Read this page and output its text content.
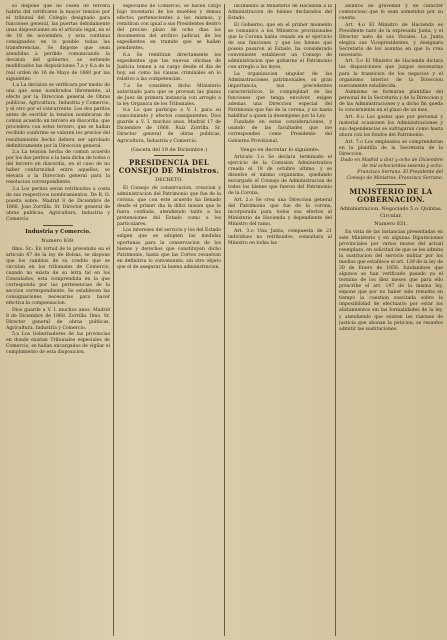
so dispone que no cesen de tercera habria del verificarse la mayor tension por el tribunal del Colegio designado para funciones general, las puertas debidamente unas disposiciones en el articulo legal, en el de 16 de noviembre, y esta continua consignados en lo posible todas las transferencias. Se dispone que sean atendidas a perdido comunicando la decision del gobierno, se entiende modificados las disposiciones 7.a y 8.a de la real orden de 16 de Mayo de 1860 por las siguientes:

1.a La decision se verificara por medio de una que sean nombrados libremente, al efecto por la Direccion general de Obras publicas, Agricultura, Industria y Comercio, y el otro por el concurrente. Los dos peritos antes de escribir la tension nombraran de comun acuerdo un tercero en discordia, que procedera con estos tercero, que se hallan recibido conforme se valoren los precios del resultamiento hecho debera ser aprobado definitivamente por la Direccion general.

2.a La tension hecha de comun acuerdo por los dos peritos o la tasa dicha de todos o del tercero en discordia, en el caso de no haber conformidad entre aquellos, se elevara a la Direccion general para la resolucion correspondiente.

3.a Los peritos seran retribuidos a costa de sus respectivos nombramientos. De R. O. puesta sobre. Madrid 8 de Diciembre de 1868. Jose Zorrilla. Sr. Director general de obras publicas, Agricultura, Industria y Comercio.

Industria y Comercio.

Numero 839.

Ilmo. Sr.: En virtud de lo prevenido en el articulo 47 de la ley de Bolsas, se dispone que los cambios de su credito que se circulan en los tribunales de Comercio, cuando no exista de su letra tal en los Consulados, esta comprendida en la que corresponda por las pertenencias de la seccion correspondiente. Se establecen las consignaciones necesarias para hacer efectiva la compensacion.

Dios guarde a V. I. muchos anos. Madrid 8 de Diciembre de 1868. Zorrilla. Ilmo. Sr. Director general de obras publicas, Agricultura, Industria y Comercio.

5.a Los Gobernadores de las provincias en donde existan Tribunales especiales de Comercio, se hallan encargados de vigilar el cumplimiento de esta disposicion.

especiales de Comercio, se hacen cargo bajo inventario de los muebles y demas efectos pertenecientes a los mismos, y remitiran con igual a sus Presidentes dentro del preciso plazo de ocho dias los documentos del archivo judicial, de los expedientes en tramite que se hallen pendientes.

6.a Se remitiran directamente los expedientes que las nuevas oficinas de Justicia tomen a su cargo desde el dia de hoy, asi como las causas criminales en lo relativo a las competencias.

7.a Se considera dicho Ministerio autorizado para que se provean las plazas de Juez de primera instancia con arreglo a la ley Organica de los Tribunales.

8.a Lo que participo a V. I. para su conocimiento y efectos consiguientes. Dios guarde a V. I. muchos anos. Madrid 17 de Diciembre de 1868. Ruiz Zorrilla. Sr. Director general de obras publicas, Agricultura, Industria y Comercio.

(Gaceta del 19 de Diciembre.)

PRESIDENCIA DEL CONSEJO DE Ministros.

DECRETO.

El Consejo de conservacion, creacion y administracion del Patrimonio que fue de la corona, que con este acuerdo ha llenado desde el primer dia la difici mision que le fuera confiada, atendiendo tanto a las pretensiones del Estado como a los particulares.

Los intereses del servicio y los del Estado exigen que se adopten las medidas oportunas para la conservacion de los bienes y derechos que constituyen dicho Patrimonio, hasta que las Cortes resuelvan en definitiva lo conveniente, sin otro objeto que el de asegurar la buena administracion.

lucimiento al Ministerio de Hacienda a la Administracion de bienes declarados del Estado.

El Gobierno, que en el primer momento se comunico a los Ministros provisionales que la Corona habia cesado en el ejercicio de sus funciones y que los bienes que poseia pasaron al Estado, ha considerado conveniente establecer un Consejo de administracion que gobierne el Patrimonio con arreglo a las leyes.

La organizacion singular de las Administraciones patrimoniales, su gran importancia, sus precedentes caracteristicos, la complejidad de las funciones que tenga envolver, exigen ademas una Direccion especial del Patrimonio que fue de la corona, y no basta habilitar a quien la desempene por la Ley.

Fundado en estas consideraciones, y usando de las facultades que me corresponden como Presidente del Gobierno Provisional,

Vengo en decretar lo siguiente:

Articulo 1.o Se declara terminado el ejercicio de la Comision Administrativa creada el 18 de octubre ultimo, y se disuelve el mismo organismo, quedando encargado el Consejo de Administracion de todos los bienes que fueron del Patrimonio de la Corona.

Art. 2.o Se crea una Direccion general del Patrimonio que fue de la corona, incorporada para todos sus efectos al Ministerio de Hacienda y dependiente del Ministro del ramo.

Art. 3.o Una Junta, compuesta de 21 individuos no retribuidos, consultara al Ministro en todas las

asuntos de gravedad y de caracter contencioso que le sean sometidos por su cuenta.

Art. 4.o El Ministro de Hacienda es Presidente nato de la expresada Junta, y el Director nato de sus Vocales. La Junta elegira sus Vicepresidentes, y designara Secretario de los asuntos en que la crea necesario.

Art. 5.o El Ministro de Hacienda dictara las disposiciones que juzgue necesarias para la transicion de los negocios y el organismo interior de la Direccion nuevamente establecida.

Asimismo se formaran plantillas del personal de la Secretaria y de la Direccion y de las Administraciones y a dicho fin queda lo concerniente en el plazo de un mes.

Art. 6.o Los gastos que por personal y material ocasionen los Administraciones y sus dependencias se sufragaran como hasta ahora con los fondos del Patrimonio.

Art. 7.o Los empleados se comprenderan en la plantilla de la Secretaria de la Direccion.

Dado en Madrid a diez y ocho de Diciembre de mil ochocientos sesenta y ocho. Francisco Serrano. El Presidente del Consejo de Ministros, Francisco Serrano.

MINISTERIO DE LA GOBERNACION.

Administracion. Negociado 5.o. Quintas. Circular.

Numero 831.

En vista de las instancias presentadas en este Ministerio y en algunas Diputaciones provinciales por varios mozos del actual reemplazo, en solicitud de que se les admita la sustitucion del servicio militar por los medios que establece el art. 129 de la ley de 30 de Enero de 1856, fundandose que algunos se han verificado pasado ya el termino de los diez meses que para ello prescribe el art. 147 de la misma ley, expone que por no haber sido resuelta en tiempo la cuestion suscitada sobre la imposibilidad de efectuarlo por estar los alistamientos sin las formalidades de la ley, y atendiendo que existen las razones de justicia que abonan la peticion, se resuelve admitir las sustituciones.
